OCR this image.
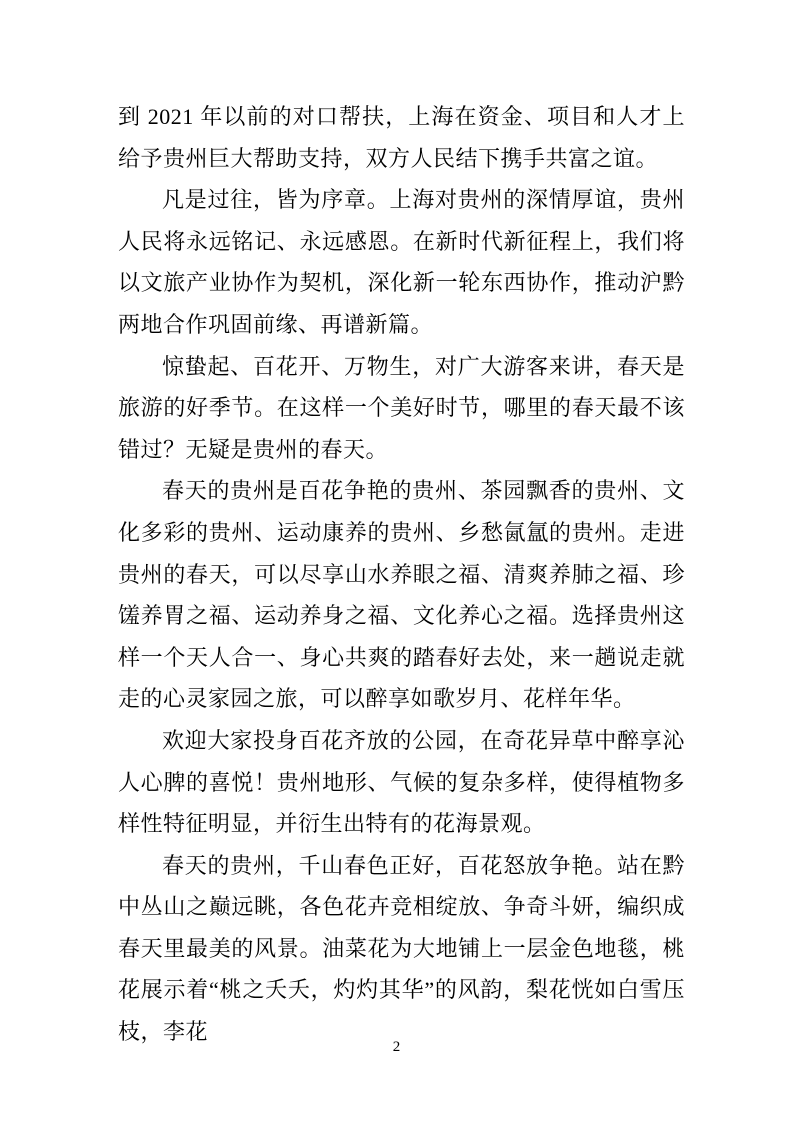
到 2021 年以前的对口帮扶，上海在资金、项目和人才上给予贵州巨大帮助支持，双方人民结下携手共富之谊。

凡是过往，皆为序章。上海对贵州的深情厚谊，贵州人民将永远铭记、永远感恩。在新时代新征程上，我们将以文旅产业协作为契机，深化新一轮东西协作，推动沪黔两地合作巩固前缘、再谱新篇。

惊蛰起、百花开、万物生，对广大游客来讲，春天是旅游的好季节。在这样一个美好时节，哪里的春天最不该错过？无疑是贵州的春天。

春天的贵州是百花争艳的贵州、茶园飘香的贵州、文化多彩的贵州、运动康养的贵州、乡愁氤氲的贵州。走进贵州的春天，可以尽享山水养眼之福、清爽养肺之福、珍馐养胃之福、运动养身之福、文化养心之福。选择贵州这样一个天人合一、身心共爽的踏春好去处，来一趟说走就走的心灵家园之旅，可以醉享如歌岁月、花样年华。

欢迎大家投身百花齐放的公园，在奇花异草中醉享沁人心脾的喜悦！贵州地形、气候的复杂多样，使得植物多样性特征明显，并衍生出特有的花海景观。

春天的贵州，千山春色正好，百花怒放争艳。站在黔中丛山之巅远眺，各色花卉竞相绽放、争奇斗妍，编织成春天里最美的风景。油菜花为大地铺上一层金色地毯，桃花展示着“桃之夭夭，灼灼其华”的风韵，梨花恍如白雪压枝，李花

2
